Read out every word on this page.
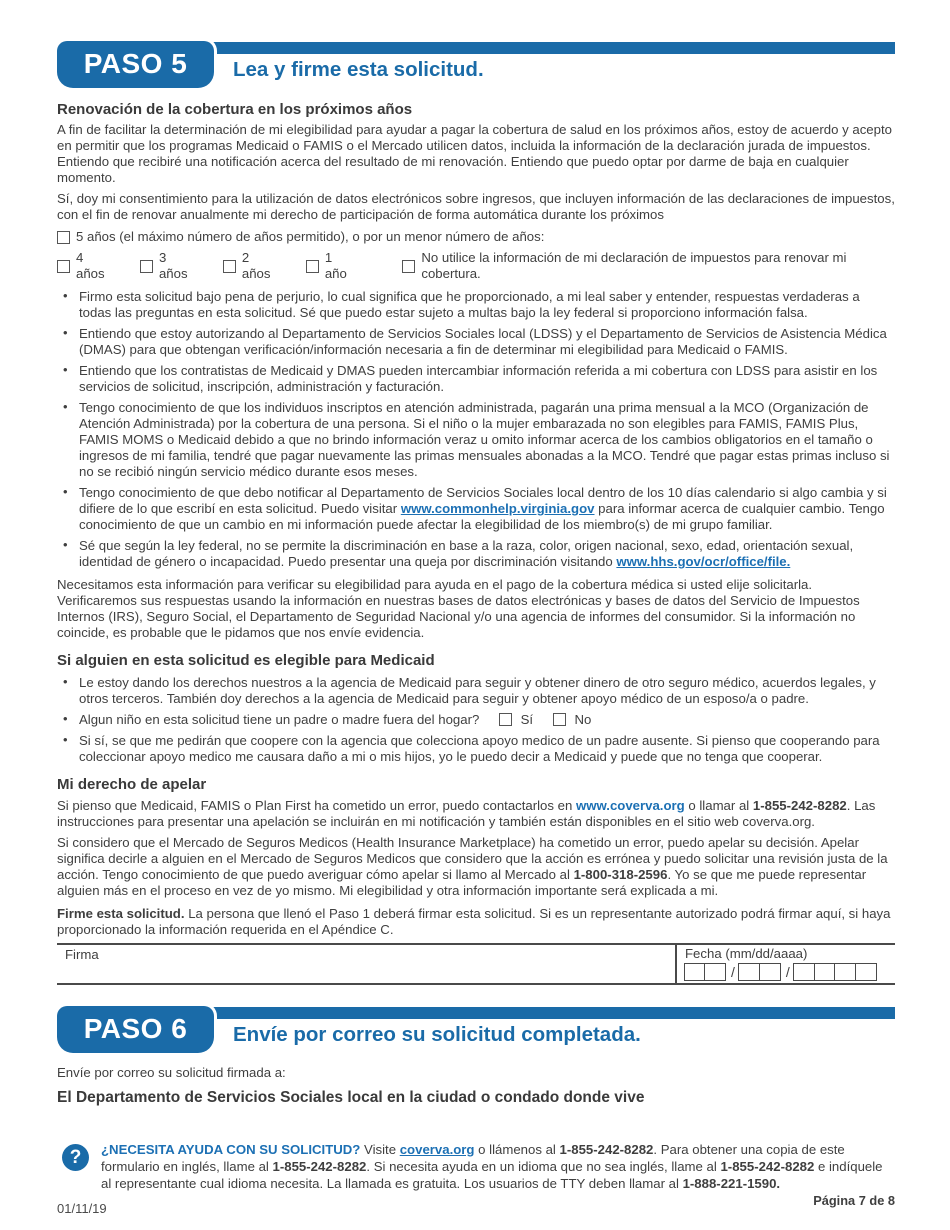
PASO 5	Lea y firme esta solicitud.
Renovación de la cobertura en los próximos años

A fin de facilitar la determinación de mi elegibilidad para ayudar a pagar la cobertura de salud en los próximos años, estoy de acuerdo y acepto en permitir que los programas Medicaid o FAMIS o el Mercado utilicen datos, incluida la información de la declaración jurada de impuestos. Entiendo que recibiré una notificación acerca del resultado de mi renovación. Entiendo que puedo optar por darme de baja en cualquier momento.

Sí, doy mi consentimiento para la utilización de datos electrónicos sobre ingresos, que incluyen información de las declaraciones de impuestos, con el fin de renovar anualmente mi derecho de participación de forma automática durante los próximos

5 años (el máximo número de años permitido), o por un menor número de años:
4 años
3 años
2 años
1 año
No utilice la información de mi declaración de impuestos para renovar mi cobertura.
• Firmo esta solicitud bajo pena de perjurio, lo cual significa que he proporcionado, a mi leal saber y entender, respuestas verdaderas a todas las preguntas en esta solicitud. Sé que puedo estar sujeto a multas bajo la ley federal si proporciono información falsa.
• Entiendo que estoy autorizando al Departamento de Servicios Sociales local (LDSS) y el Departamento de Servicios de Asistencia Médica (DMAS) para que obtengan verificación/información necesaria a fin de determinar mi elegibilidad para Medicaid o FAMIS.
• Entiendo que los contratistas de Medicaid y DMAS pueden intercambiar información referida a mi cobertura con LDSS para asistir en los servicios de solicitud, inscripción, administración y facturación.
• Tengo conocimiento de que los individuos inscriptos en atención administrada, pagarán una prima mensual a la MCO (Organización de Atención Administrada) por la cobertura de una persona. Si el niño o la mujer embarazada no son elegibles para FAMIS, FAMIS Plus, FAMIS MOMS o Medicaid debido a que no brindo información veraz u omito informar acerca de los cambios obligatorios en el tamaño o ingresos de mi familia, tendré que pagar nuevamente las primas mensuales abonadas a la MCO. Tendré que pagar estas primas incluso si no se recibió ningún servicio médico durante esos meses.
• Tengo conocimiento de que debo notificar al Departamento de Servicios Sociales local dentro de los 10 días calendario si algo cambia y si difiere de lo que escribí en esta solicitud. Puedo visitar www.commonhelp.virginia.gov para informar acerca de cualquier cambio. Tengo conocimiento de que un cambio en mi información puede afectar la elegibilidad de los miembro(s) de mi grupo familiar.
• Sé que según la ley federal, no se permite la discriminación en base a la raza, color, origen nacional, sexo, edad, orientación sexual, identidad de género o incapacidad. Puedo presentar una queja por discriminación visitando www.hhs.gov/ocr/office/file.

Necesitamos esta información para verificar su elegibilidad para ayuda en el pago de la cobertura médica si usted elije solicitarla. Verificaremos sus respuestas usando la información en nuestras bases de datos electrónicas y bases de datos del Servicio de Impuestos Internos (IRS), Seguro Social, el Departamento de Seguridad Nacional y/o una agencia de informes del consumidor. Si la información no coincide, es probable que le pidamos que nos envíe evidencia.

Si alguien en esta solicitud es elegible para Medicaid
• Le estoy dando los derechos nuestros a la agencia de Medicaid para seguir y obtener dinero de otro seguro médico, acuerdos legales, y otros terceros. También doy derechos a la agencia de Medicaid para seguir y obtener apoyo médico de un esposo/a o padre.
• Algun niño en esta solicitud tiene un padre o madre fuera del hogar?	Sí	No
• Si sí, se que me pedirán que coopere con la agencia que colecciona apoyo medico de un padre ausente. Si pienso que cooperando para coleccionar apoyo medico me causara daño a mi o mis hijos, yo le puedo decir a Medicaid y puede que no tenga que cooperar.
Mi derecho de apelar

Si pienso que Medicaid, FAMIS o Plan First ha cometido un error, puedo contactarlos en www.coverva.org o llamar al 1-855-242-8282. Las instrucciones para presentar una apelación se incluirán en mi notificación y también están disponibles en el sitio web coverva.org.

Si considero que el Mercado de Seguros Medicos (Health Insurance Marketplace) ha cometido un error, puedo apelar su decisión. Apelar significa decirle a alguien en el Mercado de Seguros Medicos que considero que la acción es errónea y puedo solicitar una revisión justa de la acción. Tengo conocimiento de que puedo averiguar cómo apelar si llamo al Mercado al 1-800-318-2596. Yo se que me puede representar alguien más en el proceso en vez de yo mismo. Mi elegibilidad y otra información importante será explicada a mi.

Firme esta solicitud. La persona que llenó el Paso 1 deberá firmar esta solicitud. Si es un representante autorizado podrá firmar aquí, si haya proporcionado la información requerida en el Apéndice C.

Firma	Fecha (mm/dd/aaaa)
/	/
PASO 6	Envíe por correo su solicitud completada.

Envíe por correo su solicitud firmada a:

El Departamento de Servicios Sociales local en la ciudad o condado donde vive
?	¿NECESITA AYUDA CON SU SOLICITUD? Visite coverva.org o llámenos al 1-855-242-8282. Para obtener una copia de este formulario en inglés, llame al 1-855-242-8282. Si necesita ayuda en un idioma que no sea inglés, llame al 1-855-242-8282 e indíquele al representante cual idioma necesita. La llamada es gratuita. Los usuarios de TTY deben llamar al 1-888-221-1590.
01/11/19
Página 7 de 8
